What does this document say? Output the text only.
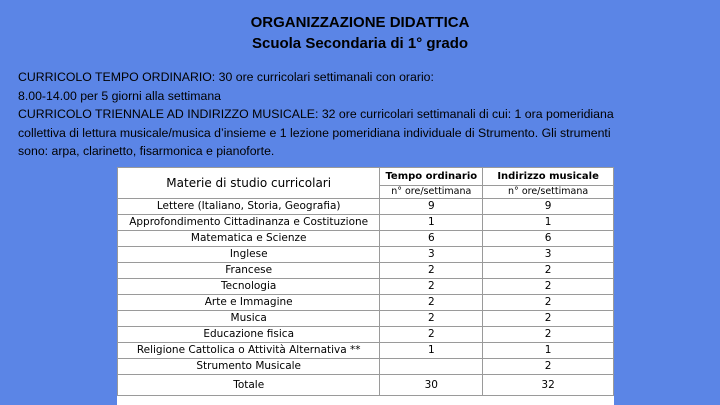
ORGANIZZAZIONE DIDATTICA
Scuola Secondaria di 1° grado
CURRICOLO TEMPO ORDINARIO: 30 ore curricolari settimanali con orario:
8.00-14.00 per 5 giorni alla settimana
CURRICOLO TRIENNALE AD INDIRIZZO MUSICALE: 32 ore curricolari settimanali di cui: 1 ora pomeridiana
collettiva di lettura musicale/musica d’insieme e 1 lezione pomeridiana individuale di Strumento. Gli strumenti
sono: arpa, clarinetto, fisarmonica e pianoforte.
Materie di studio curricolari	Tempo ordinario	Indirizzo musicale
	n° ore/settimana	n° ore/settimana
Lettere (Italiano, Storia, Geografia)	9	9
Approfondimento Cittadinanza e Costituzione	1	1
Matematica e Scienze	6	6
Inglese	3	3
Francese	2	2
Tecnologia	2	2
Arte e Immagine	2	2
Musica	2	2
Educazione fisica	2	2
Religione Cattolica o Attività Alternativa **	1	1
Strumento Musicale		2
Totale	30	32
